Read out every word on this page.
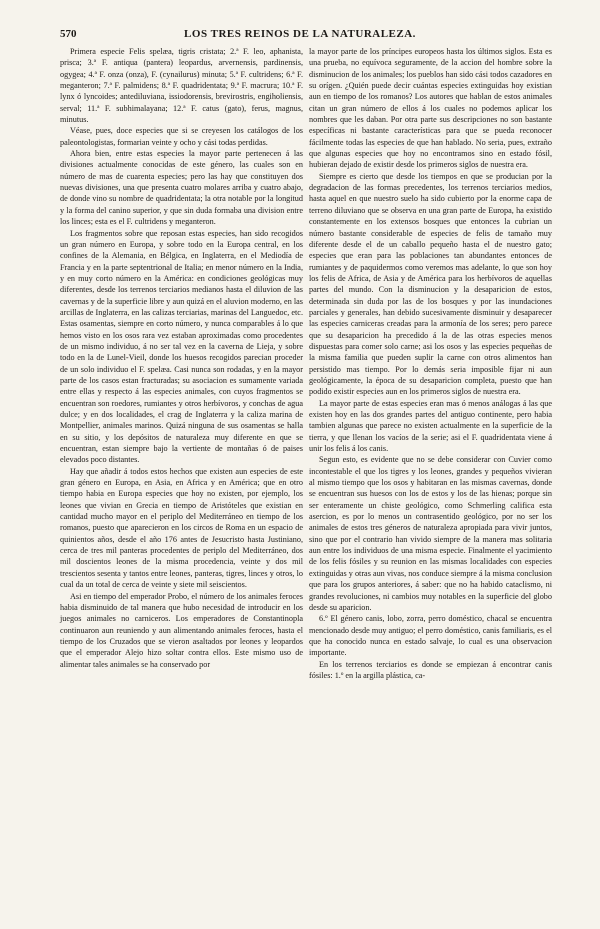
570	LOS TRES REINOS DE LA NATURALEZA.

Primera especie Felis spelæa, tigris cristata; 2.ª F. leo, aphanista, prisca; 3.ª F. antiqua (pantera) leopardus, arvernensis, pardinensis, ogygea; 4.ª F. onza (onza), F. (cynailurus) minuta; 5.ª F. cultridens; 6.ª F. meganteron; 7.ª F. palmidens; 8.ª F. quadridentata; 9.ª F. macrura; 10.ª F. lynx ó lyncoides; antediluviana, issiodorensis, brevirostris, engiholiensis, serval; 11.ª F. subhimalayana; 12.ª F. catus (gato), ferus, magnus, minutus.

Véase, pues, doce especies que si se creyesen los catálogos de los paleontologistas, formarian veinte y ocho y cási todas perdidas.

Ahora bien, entre estas especies la mayor parte pertenecen á las divisiones actualmente conocidas de este género, las cuales son en número de mas de cuarenta especies; pero las hay que constituyen dos nuevas divisiones, una que presenta cuatro molares arriba y cuatro abajo, de donde vino su nombre de quadridentata; la otra notable por la longitud y la forma del canino superior, y que sin duda formaba una division entre los linces; esta es el F. cultridens y meganteron.

Los fragmentos sobre que reposan estas especies, han sido recogidos un gran número en Europa, y sobre todo en la Europa central, en los confines de la Alemania, en Bélgica, en Inglaterra, en el Mediodía de Francia y en la parte septentrional de Italia; en menor número en la India, y en muy corto número en la América: en condiciones geológicas muy diferentes, desde los terrenos terciarios medianos hasta el diluvion de las cavernas y de la superficie libre y aun quizá en el aluvion moderno, en las arcillas de Inglaterra, en las calizas terciarias, marinas del Languedoc, etc. Estas osamentas, siempre en corto número, y nunca comparables á lo que hemos visto en los osos rara vez estaban aproximadas como procedentes de un mismo individuo, á no ser tal vez en la caverna de Lieja, y sobre todo en la de Lunel-Vieil, donde los huesos recogidos parecian proceder de un solo individuo el F. spelæa. Casi nunca son rodadas, y en la mayor parte de los casos estan fracturadas; su asociacion es sumamente variada entre ellas y respecto á las especies animales, con cuyos fragmentos se encuentran son roedores, rumiantes y otros herbívoros, y conchas de agua dulce; y en dos localidades, el crag de Inglaterra y la caliza marina de Montpellier, animales marinos. Quizá ninguna de sus osamentas se halla en su sitio, y los depósitos de naturaleza muy diferente en que se encuentran, estan siempre bajo la vertiente de montañas ó de paises elevados poco distantes.

Hay que añadir á todos estos hechos que existen aun especies de este gran género en Europa, en Asia, en Africa y en América; que en otro tiempo habia en Europa especies que hoy no existen, por ejemplo, los leones que vivian en Grecia en tiempo de Aristóteles que existian en cantidad mucho mayor en el periplo del Mediterráneo en tiempo de los romanos, puesto que aparecieron en los circos de Roma en un espacio de quinientos años, desde el año 176 antes de Jesucristo hasta Justiniano, cerca de tres mil panteras procedentes de periplo del Mediterráneo, dos mil doscientos leones de la misma procedencia, veinte y dos mil trescientos sesenta y tantos entre leones, panteras, tigres, linces y otros, lo cual da un total de cerca de veinte y siete mil seiscientos.

Asi en tiempo del emperador Probo, el número de los animales feroces habia disminuido de tal manera que hubo necesidad de introducir en los juegos animales no carniceros. Los emperadores de Constantinopla continuaron aun reuniendo y aun alimentando animales feroces, hasta el tiempo de los Cruzados que se vieron asaltados por leones y leopardos que el emperador Alejo hizo soltar contra ellos. Este mismo uso de alimentar tales animales se ha conservado por

la mayor parte de los príncipes europeos hasta los últimos siglos. Esta es una prueba, no equívoca seguramente, de la accion del hombre sobre la disminucion de los animales; los pueblos han sido cási todos cazadores en su orígen. ¿Quién puede decir cuántas especies extinguidas hoy existian aun en tiempo de los romanos? Los autores que hablan de estos animales citan un gran número de ellos á los cuales no podemos aplicar los nombres que les daban. Por otra parte sus descripciones no son bastante específicas ni bastante características para que se pueda reconocer fácilmente todas las especies de que han hablado. No seria, pues, extraño que algunas especies que hoy no encontramos sino en estado fósil, hubieran dejado de existir desde los primeros siglos de nuestra era.

Siempre es cierto que desde los tiempos en que se producian por la degradacion de las formas precedentes, los terrenos terciarios medios, hasta aquel en que nuestro suelo ha sido cubierto por la enorme capa de terreno diluviano que se observa en una gran parte de Europa, ha existido constantemente en los extensos bosques que entonces la cubrian un número bastante considerable de especies de felis de tamaño muy diferente desde el de un caballo pequeño hasta el de nuestro gato; especies que eran para las poblaciones tan abundantes entonces de rumiantes y de paquidermos como veremos mas adelante, lo que son hoy los felis de Africa, de Asia y de América para los herbívoros de aquellas partes del mundo. Con la disminucion y la desaparicion de estos, determinada sin duda por las de los bosques y por las inundaciones parciales y generales, han debido sucesivamente disminuir y desaparecer las especies carniceras creadas para la armonía de los seres; pero parece que su desaparicion ha precedido á la de las otras especies menos dispuestas para comer solo carne; asi los osos y las especies pequeñas de la misma familia que pueden suplir la carne con otros alimentos han persistido mas tiempo. Por lo demás seria imposible fijar ni aun geológicamente, la época de su desaparicion completa, puesto que han podido existir especies aun en los primeros siglos de nuestra era.

La mayor parte de estas especies eran mas ó menos análogas á las que existen hoy en las dos grandes partes del antiguo continente, pero habia tambien algunas que parece no existen actualmente en la superficie de la tierra, y que llenan los vacíos de la serie; asi el F. quadridentata viene á unir los felis á los canis.

Segun esto, es evidente que no se debe considerar con Cuvier como incontestable el que los tigres y los leones, grandes y pequeños vivieran al mismo tiempo que los osos y habitaran en las mismas cavernas, donde se encuentran sus huesos con los de estos y los de las hienas; porque sin ser enteramente un chiste geológico, como Schmerling califica esta asercion, es por lo menos un contrasentido geológico, por no ser los animales de estos tres géneros de naturaleza apropiada para vivir juntos, sino que por el contrario han vivido siempre de la manera mas solitaria aun entre los individuos de una misma especie. Finalmente el yacimiento de los felis fósiles y su reunion en las mismas localidades con especies extinguidas y otras aun vivas, nos conduce siempre á la misma conclusion que para los grupos anteriores, á saber: que no ha habido cataclismo, ni grandes revoluciones, ni cambios muy notables en la superficie del globo desde su aparicion.

6.º El género canis, lobo, zorra, perro doméstico, chacal se encuentra mencionado desde muy antiguo; el perro doméstico, canis familiaris, es el que ha conocido nunca en estado salvaje, lo cual es una observacion importante.

En los terrenos terciarios es donde se empiezan á encontrar canis fósiles: 1.º en la argilla plástica, ca-
